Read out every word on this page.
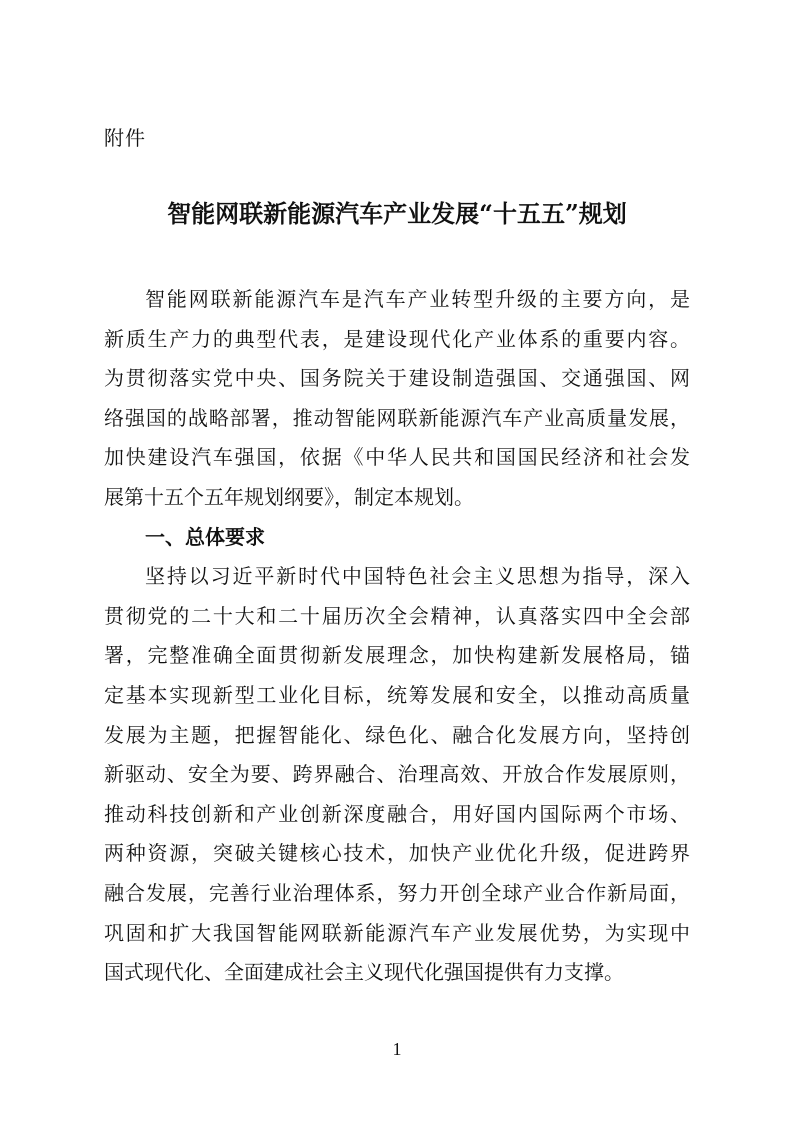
附件
智能网联新能源汽车产业发展“十五五”规划
智能网联新能源汽车是汽车产业转型升级的主要方向，是
新质生产力的典型代表，是建设现代化产业体系的重要内容。
为贯彻落实党中央、国务院关于建设制造强国、交通强国、网
络强国的战略部署，推动智能网联新能源汽车产业高质量发展，
加快建设汽车强国，依据《中华人民共和国国民经济和社会发
展第十五个五年规划纲要》，制定本规划。
一、总体要求
坚持以习近平新时代中国特色社会主义思想为指导，深入
贯彻党的二十大和二十届历次全会精神，认真落实四中全会部
署，完整准确全面贯彻新发展理念，加快构建新发展格局，锚
定基本实现新型工业化目标，统筹发展和安全，以推动高质量
发展为主题，把握智能化、绿色化、融合化发展方向，坚持创
新驱动、安全为要、跨界融合、治理高效、开放合作发展原则，
推动科技创新和产业创新深度融合，用好国内国际两个市场、
两种资源，突破关键核心技术，加快产业优化升级，促进跨界
融合发展，完善行业治理体系，努力开创全球产业合作新局面，
巩固和扩大我国智能网联新能源汽车产业发展优势，为实现中
国式现代化、全面建成社会主义现代化强国提供有力支撑。
1
